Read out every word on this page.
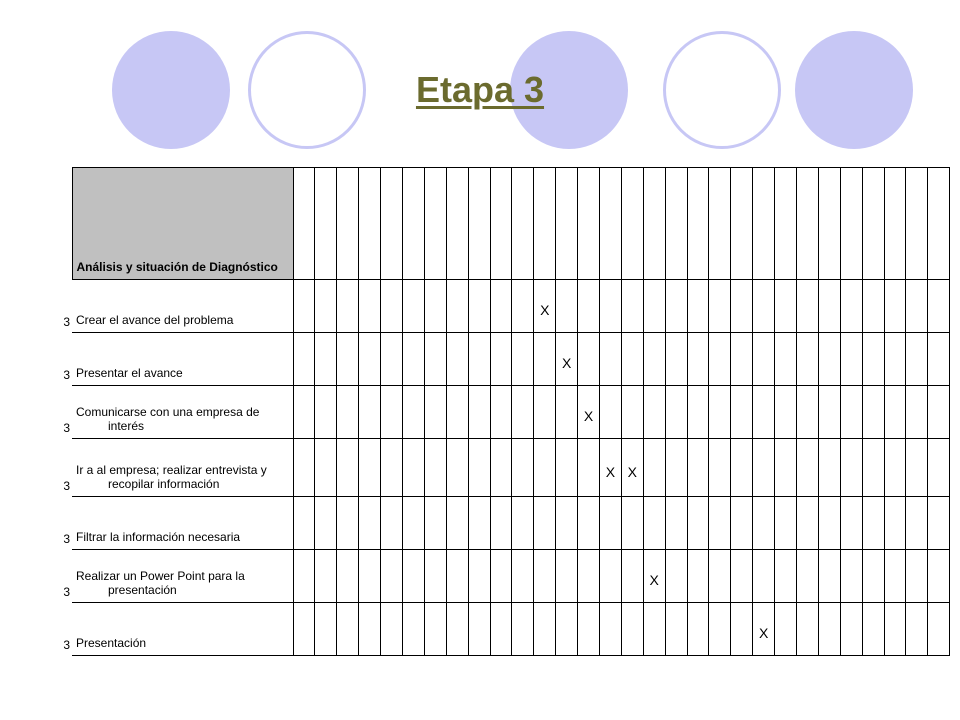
Etapa 3
	Análisis y situación de Diagnóstico																														
3	Crear el avance del problema												X																		
3	Presentar el avance													X																	
3	Comunicarse con una empresa de interés														X																
3	Ir a al empresa; realizar entrevista y recopilar información															X	X														
3	Filtrar la información necesaria																														
3	Realizar un Power Point para la presentación																	X													
3	Presentación																						X								
